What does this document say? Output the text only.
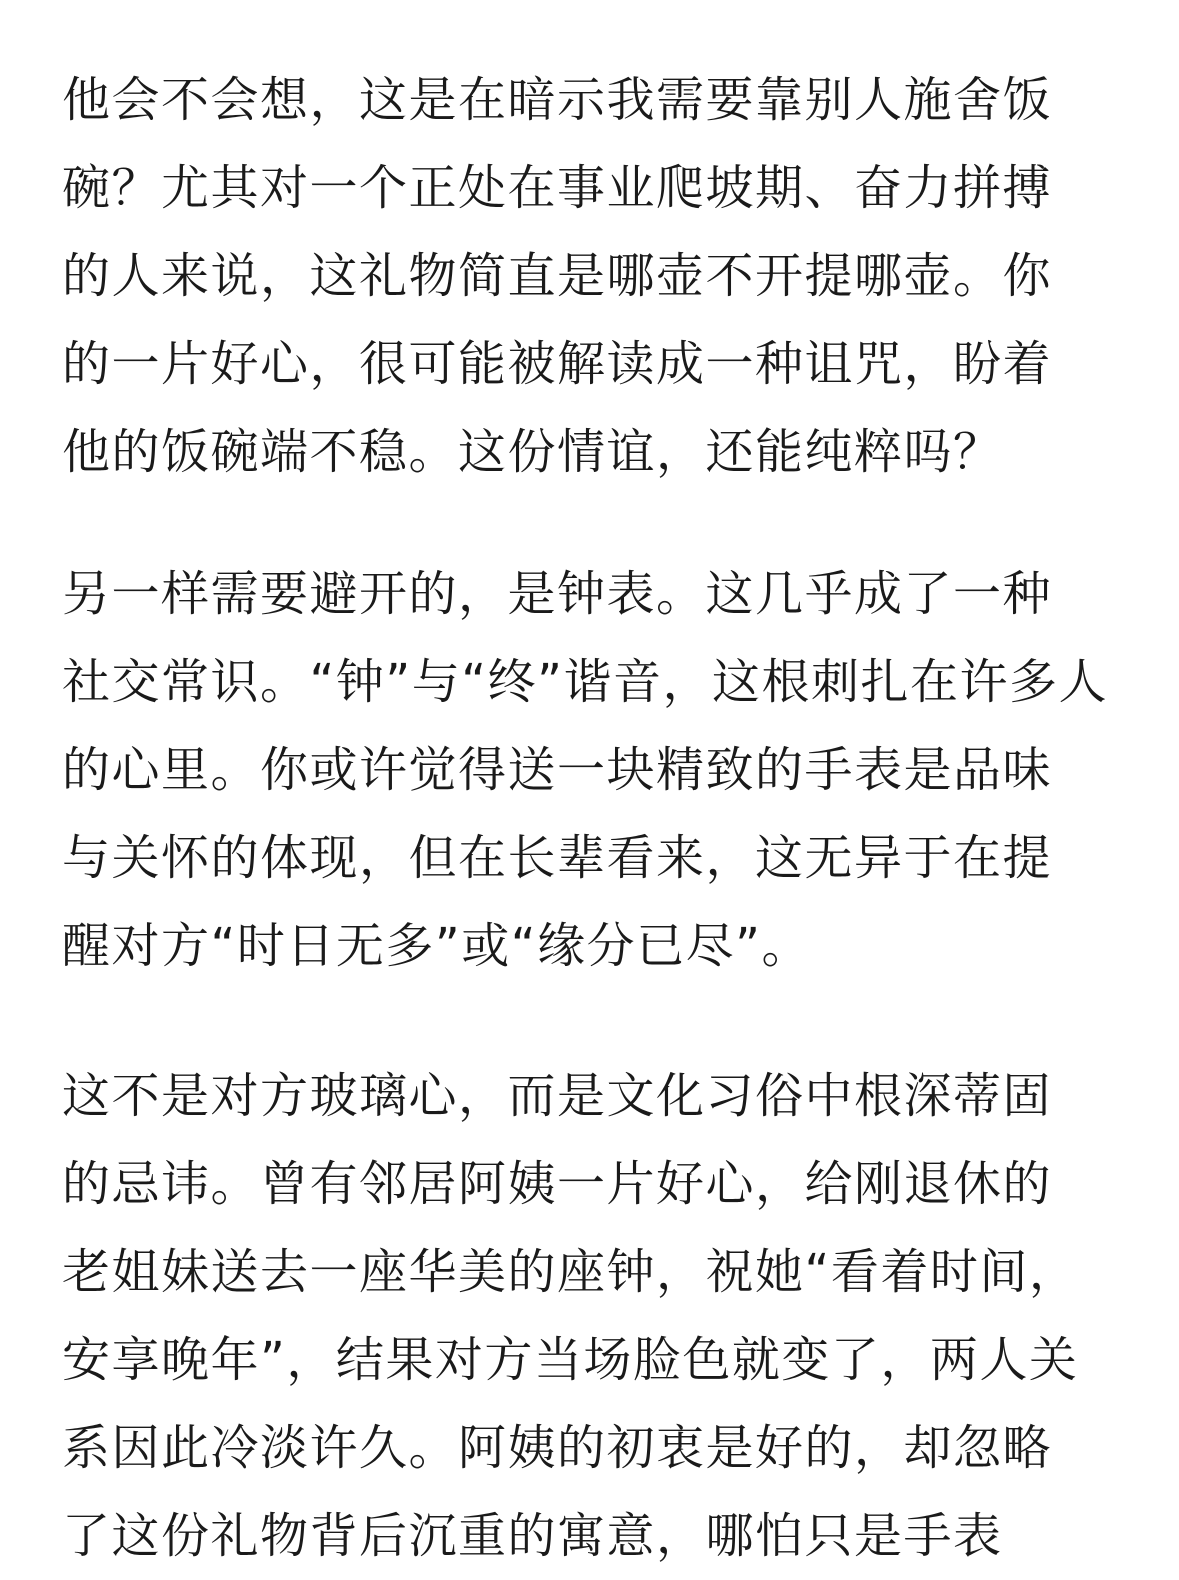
他会不会想，这是在暗示我需要靠别人施舍饭
碗？尤其对一个正处在事业爬坡期、奋力拼搏
的人来说，这礼物简直是哪壶不开提哪壶。你
的一片好心，很可能被解读成一种诅咒，盼着
他的饭碗端不稳。这份情谊，还能纯粹吗？

另一样需要避开的，是钟表。这几乎成了一种
社交常识。“钟”与“终”谐音，这根刺扎在许多人
的心里。你或许觉得送一块精致的手表是品味
与关怀的体现，但在长辈看来，这无异于在提
醒对方“时日无多”或“缘分已尽”。

这不是对方玻璃心，而是文化习俗中根深蒂固
的忌讳。曾有邻居阿姨一片好心，给刚退休的
老姐妹送去一座华美的座钟，祝她“看着时间，
安享晚年”，结果对方当场脸色就变了，两人关
系因此冷淡许久。阿姨的初衷是好的，却忽略
了这份礼物背后沉重的寓意，哪怕只是手表
